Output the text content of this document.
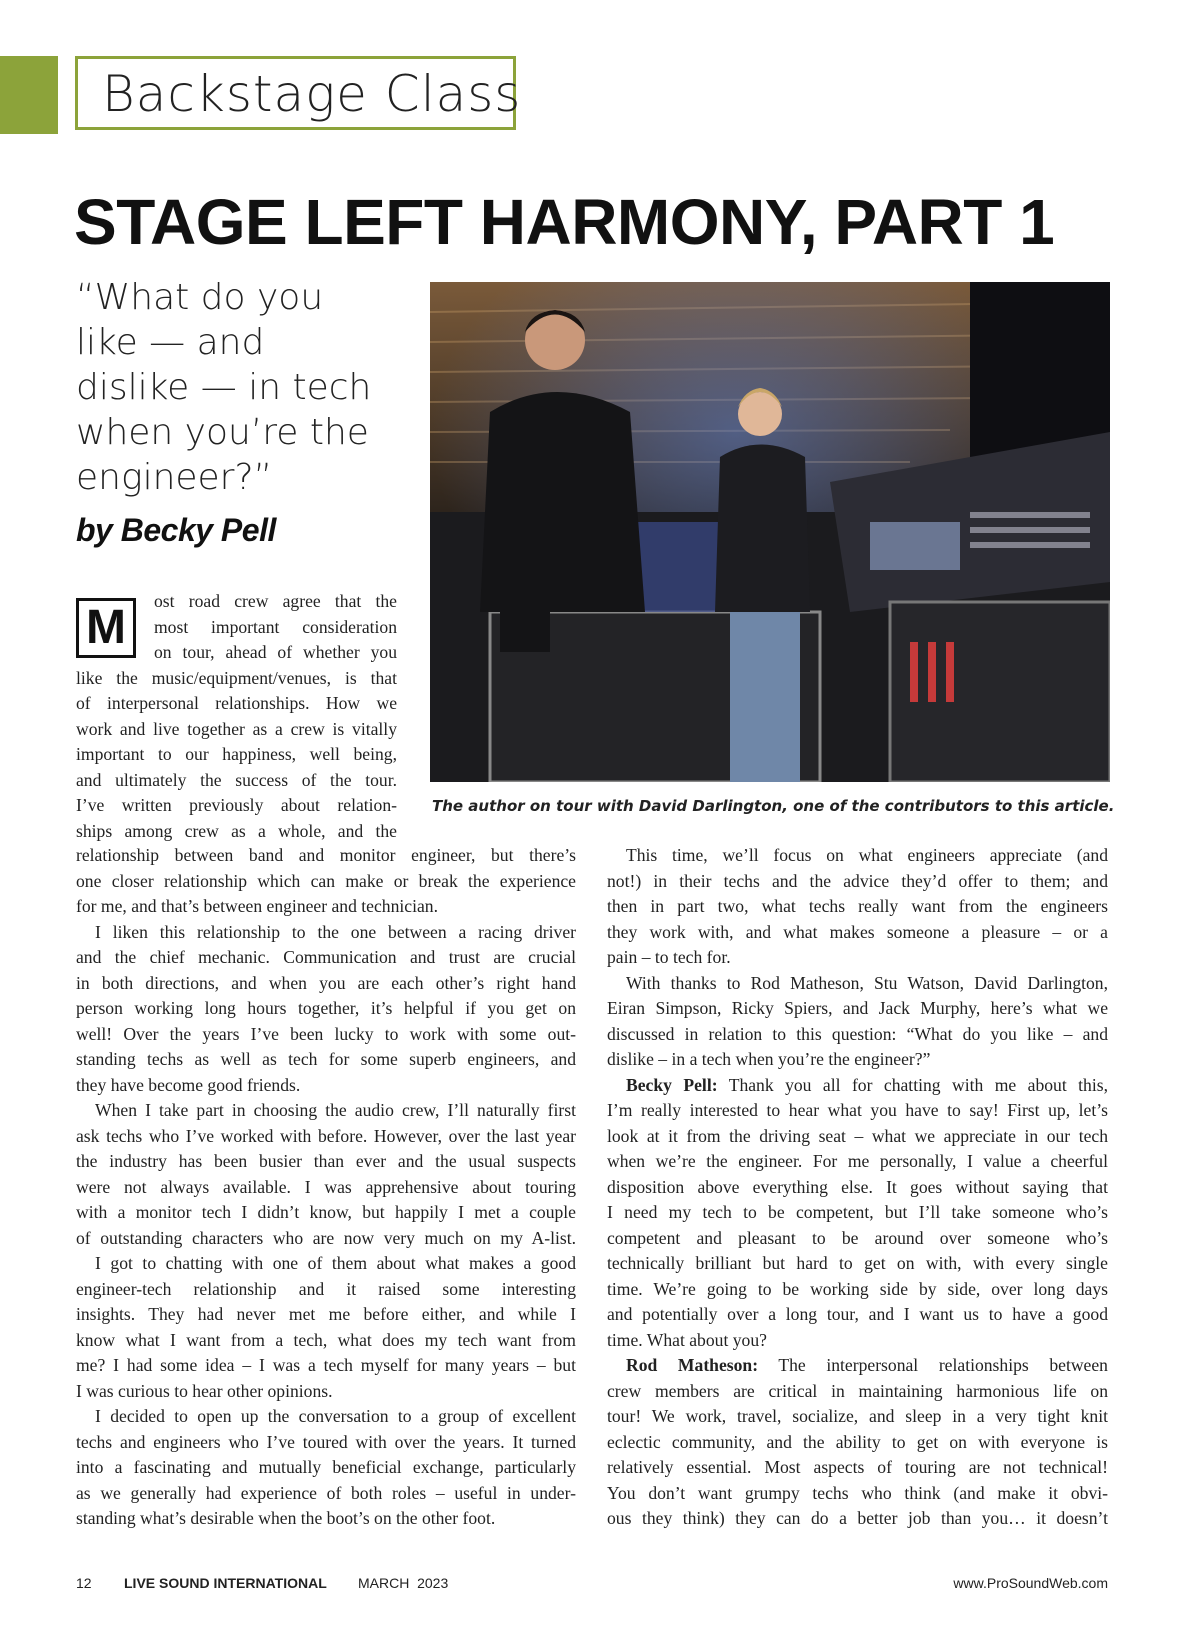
Backstage Class
STAGE LEFT HARMONY, PART 1
“What do you
like — and
dislike — in tech
when you’re the
engineer?”
by Becky Pell
The author on tour with David Darlington, one of the contributors to this article.
M	ost road crew agree that the
most important consideration
on tour, ahead of whether you
like the music/equipment/venues, is that
of interpersonal relationships. How we
work and live together as a crew is vitally
important to our happiness, well being,
and ultimately the success of the tour.
I’ve written previously about relation-
ships among crew as a whole, and the
relationship between band and monitor engineer, but there’s
one closer relationship which can make or break the experience
for me, and that’s between engineer and technician.
I liken this relationship to the one between a racing driver
and the chief mechanic. Communication and trust are crucial
in both directions, and when you are each other’s right hand
person working long hours together, it’s helpful if you get on
well! Over the years I’ve been lucky to work with some out-
standing techs as well as tech for some superb engineers, and
they have become good friends.
When I take part in choosing the audio crew, I’ll naturally first
ask techs who I’ve worked with before. However, over the last year
the industry has been busier than ever and the usual suspects
were not always available. I was apprehensive about touring
with a monitor tech I didn’t know, but happily I met a couple
of outstanding characters who are now very much on my A-list.
I got to chatting with one of them about what makes a good
engineer-tech relationship and it raised some interesting
insights. They had never met me before either, and while I
know what I want from a tech, what does my tech want from
me? I had some idea – I was a tech myself for many years – but
I was curious to hear other opinions.
I decided to open up the conversation to a group of excellent
techs and engineers who I’ve toured with over the years. It turned
into a fascinating and mutually beneficial exchange, particularly
as we generally had experience of both roles – useful in under-
standing what’s desirable when the boot’s on the other foot.
This time, we’ll focus on what engineers appreciate (and
not!) in their techs and the advice they’d offer to them; and
then in part two, what techs really want from the engineers
they work with, and what makes someone a pleasure – or a
pain – to tech for.
With thanks to Rod Matheson, Stu Watson, David Darlington,
Eiran Simpson, Ricky Spiers, and Jack Murphy, here’s what we
discussed in relation to this question: “What do you like – and
dislike – in a tech when you’re the engineer?”
Becky Pell: Thank you all for chatting with me about this,
I’m really interested to hear what you have to say! First up, let’s
look at it from the driving seat – what we appreciate in our tech
when we’re the engineer. For me personally, I value a cheerful
disposition above everything else. It goes without saying that
I need my tech to be competent, but I’ll take someone who’s
competent and pleasant to be around over someone who’s
technically brilliant but hard to get on with, with every single
time. We’re going to be working side by side, over long days
and potentially over a long tour, and I want us to have a good
time. What about you?
Rod Matheson: The interpersonal relationships between
crew members are critical in maintaining harmonious life on
tour! We work, travel, socialize, and sleep in a very tight knit
eclectic community, and the ability to get on with everyone is
relatively essential. Most aspects of touring are not technical!
You don’t want grumpy techs who think (and make it obvi-
ous they think) they can do a better job than you… it doesn’t
12 LIVE SOUND INTERNATIONAL MARCH  2023	www.ProSoundWeb.com
